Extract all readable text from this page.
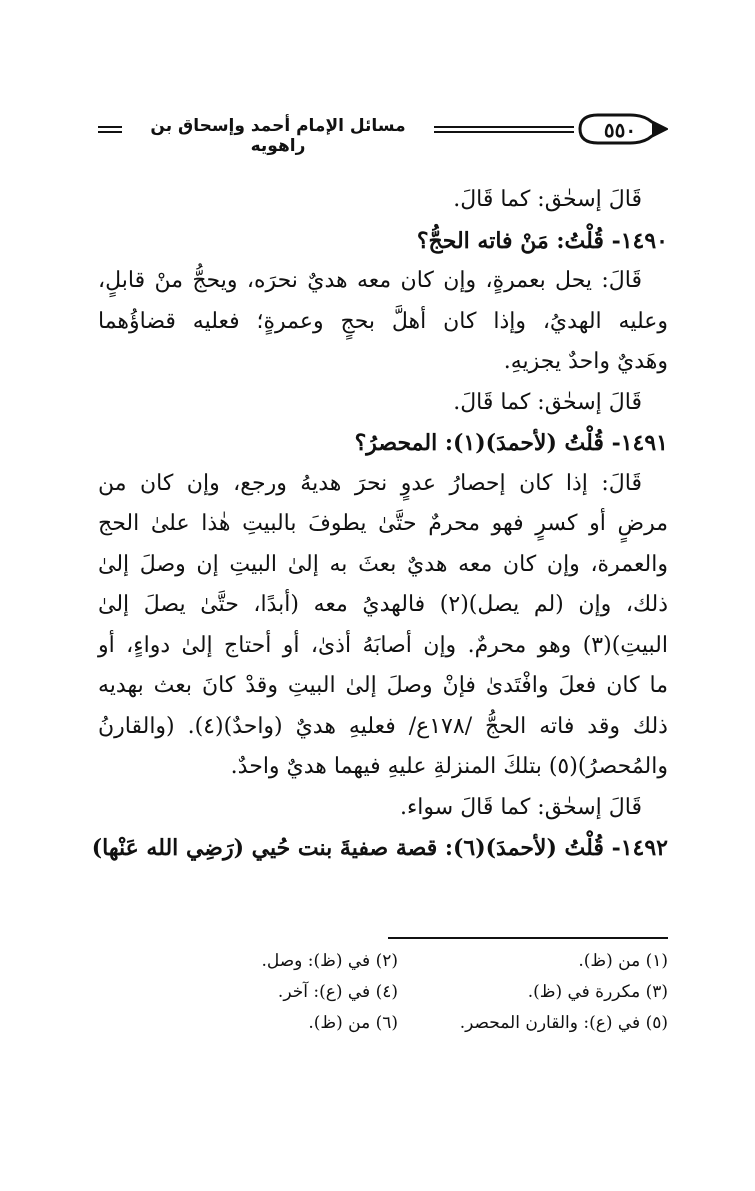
مسائل الإمام أحمد وإسحاق بن راهويه
٥٥٠
قَالَ إسحٰق: كما قَالَ.
١٤٩٠- قُلْتُ: مَنْ فاته الحجُّ؟
قَالَ: يحل بعمرةٍ، وإن كان معه هديٌ نحرَه، ويحجُّ منْ قابلٍ،
وعليه الهديُ، وإذا كان أهلَّ بحجٍ وعمرةٍ؛ فعليه قضاؤُهما
وهَديٌ واحدٌ يجزيهِ.
قَالَ إسحٰق: كما قَالَ.
١٤٩١- قُلْتُ (لأحمدَ)(١): المحصرُ؟
قَالَ: إذا كان إحصارُ عدوٍ نحرَ هديهُ ورجع، وإن كان من
مرضٍ أو كسرٍ فهو محرمٌ حتَّىٰ يطوفَ بالبيتِ هٰذا علىٰ الحج
والعمرة، وإن كان معه هديٌ بعثَ به إلىٰ البيتِ إن وصلَ إلىٰ
ذلك، وإن (لم يصل)(٢) فالهديُ معه (أبدًا، حتَّىٰ يصلَ إلىٰ
البيتِ)(٣) وهو محرمٌ. وإن أصابَهُ أذىٰ، أو أحتاج إلىٰ دواءٍ، أو
ما كان فعلَ وافْتَدىٰ فإنْ وصلَ إلىٰ البيتِ وقدْ كانَ بعث بهديه
ذلك وقد فاته الحجُّ /١٧٨ع/ فعليهِ هديٌ (واحدٌ)(٤). (والقارنُ
والمُحصرُ)(٥) بتلكَ المنزلةِ عليهِ فيهما هديٌ واحدٌ.
قَالَ إسحٰق: كما قَالَ سواء.
١٤٩٢- قُلْتُ (لأحمدَ)(٦): قصة صفيةَ بنت حُيي (رَضِي الله عَنْها)
(١) من (ظ).
(٢) في (ظ): وصل.
(٣) مكررة في (ظ).
(٤) في (ع): آخر.
(٥) في (ع): والقارن المحصر.
(٦) من (ظ).
